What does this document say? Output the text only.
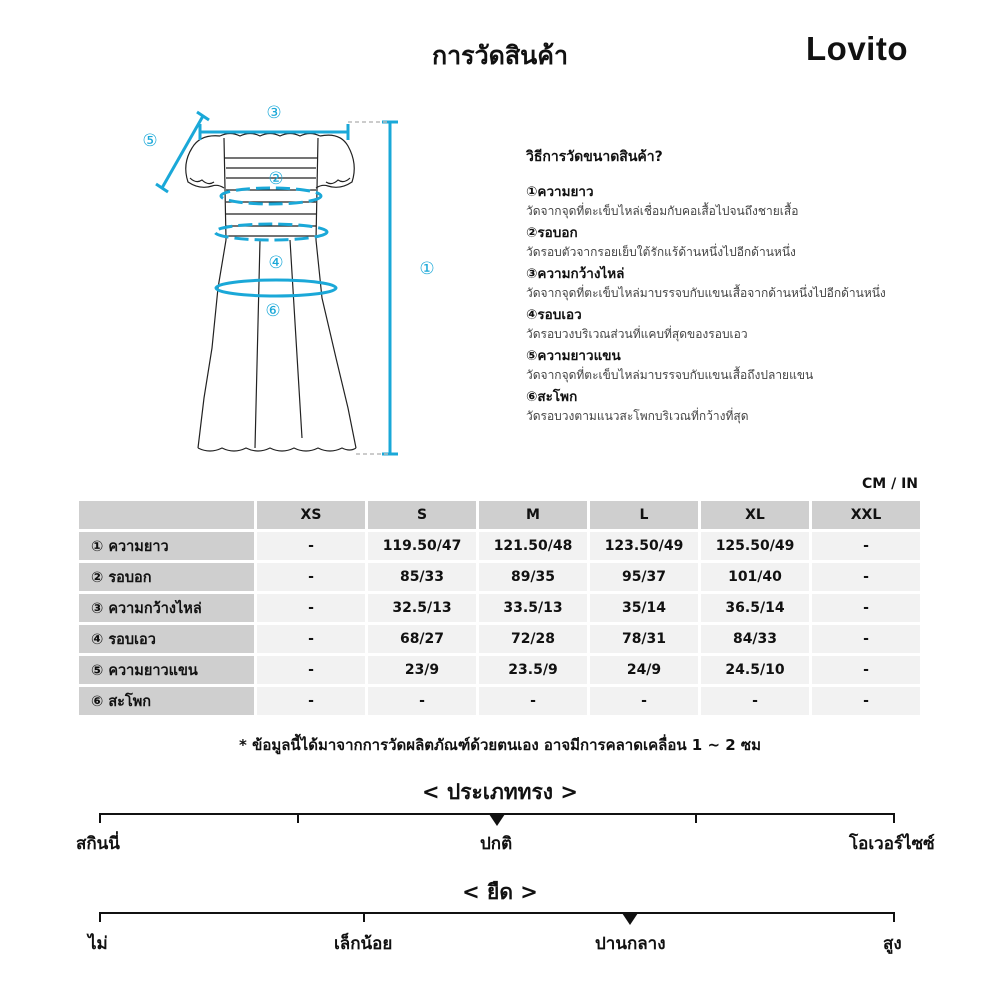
การวัดสินค้า	Lovito
①
②
③
④
⑤
⑥
วิธีการวัดขนาดสินค้า?
①ความยาว
วัดจากจุดที่ตะเข็บไหล่เชื่อมกับคอเสื้อไปจนถึงชายเสื้อ
②รอบอก
วัดรอบตัวจากรอยเย็บใต้รักแร้ด้านหนึ่งไปอีกด้านหนึ่ง
③ความกว้างไหล่
วัดจากจุดที่ตะเข็บไหล่มาบรรจบกับแขนเสื้อจากด้านหนึ่งไปอีกด้านหนึ่ง
④รอบเอว
วัดรอบวงบริเวณส่วนที่แคบที่สุดของรอบเอว
⑤ความยาวแขน
วัดจากจุดที่ตะเข็บไหล่มาบรรจบกับแขนเสื้อถึงปลายแขน
⑥สะโพก
วัดรอบวงตามแนวสะโพกบริเวณที่กว้างที่สุด
CM / IN
	XS	S	M	L	XL	XXL
① ความยาว	-	119.50/47	121.50/48	123.50/49	125.50/49	-
② รอบอก	-	85/33	89/35	95/37	101/40	-
③ ความกว้างไหล่	-	32.5/13	33.5/13	35/14	36.5/14	-
④ รอบเอว	-	68/27	72/28	78/31	84/33	-
⑤ ความยาวแขน	-	23/9	23.5/9	24/9	24.5/10	-
⑥ สะโพก	-	-	-	-	-	-
* ข้อมูลนี้ได้มาจากการวัดผลิตภัณฑ์ด้วยตนเอง อาจมีการคลาดเคลื่อน 1 ~ 2 ซม
< ประเภททรง >
สกินนี่	ปกติ	โอเวอร์ไซซ์
< ยืด >
ไม่	เล็กน้อย	ปานกลาง	สูง
